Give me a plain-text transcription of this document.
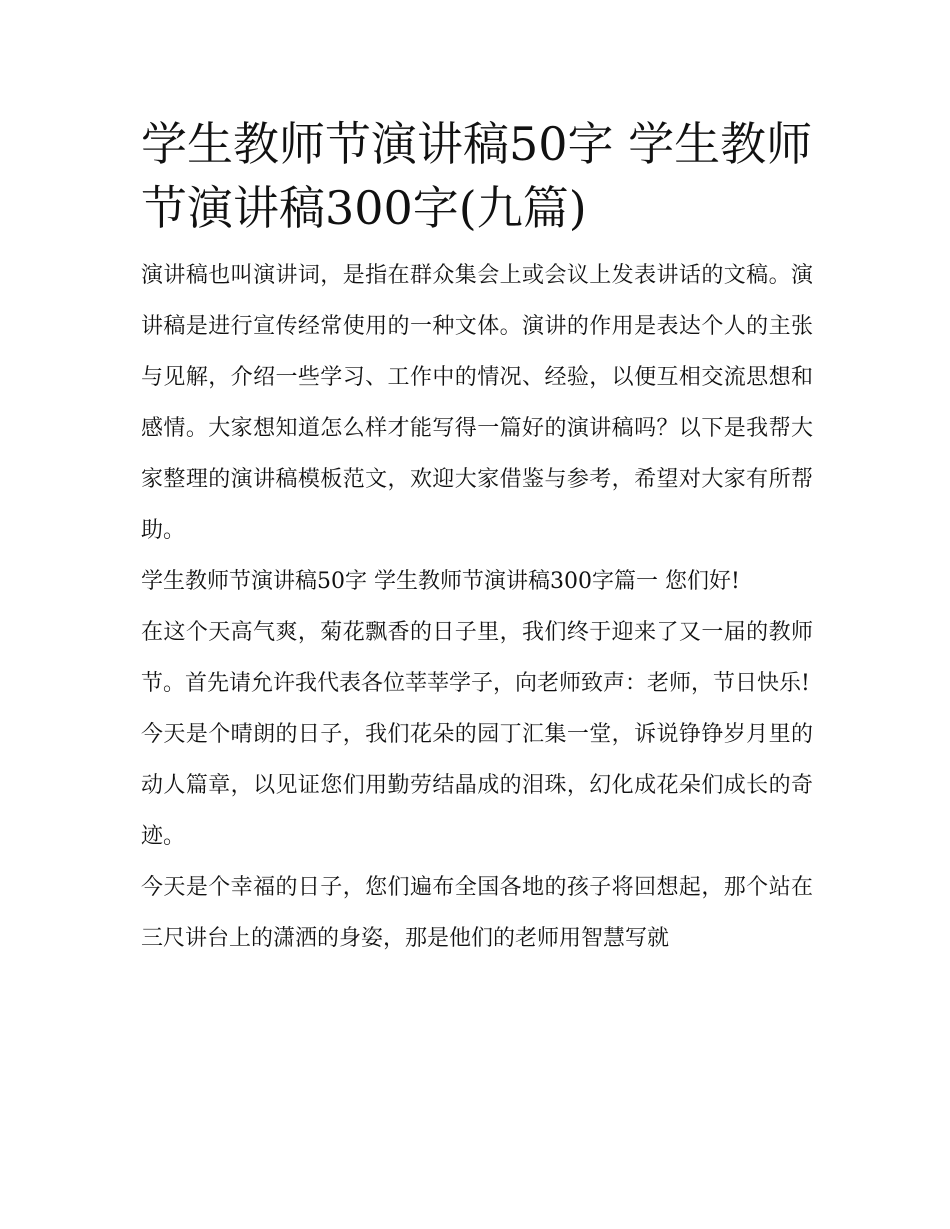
学生教师节演讲稿50字 学生教师节演讲稿300字(九篇)

演讲稿也叫演讲词，是指在群众集会上或会议上发表讲话的文稿。演讲稿是进行宣传经常使用的一种文体。演讲的作用是表达个人的主张与见解，介绍一些学习、工作中的情况、经验，以便互相交流思想和感情。大家想知道怎么样才能写得一篇好的演讲稿吗？以下是我帮大家整理的演讲稿模板范文，欢迎大家借鉴与参考，希望对大家有所帮助。

学生教师节演讲稿50字 学生教师节演讲稿300字篇一 您们好!

在这个天高气爽，菊花飘香的日子里，我们终于迎来了又一届的教师节。首先请允许我代表各位莘莘学子，向老师致声：老师，节日快乐!

今天是个晴朗的日子，我们花朵的园丁汇集一堂，诉说铮铮岁月里的动人篇章，以见证您们用勤劳结晶成的泪珠，幻化成花朵们成长的奇迹。

今天是个幸福的日子，您们遍布全国各地的孩子将回想起，那个站在三尺讲台上的潇洒的身姿，那是他们的老师用智慧写就
